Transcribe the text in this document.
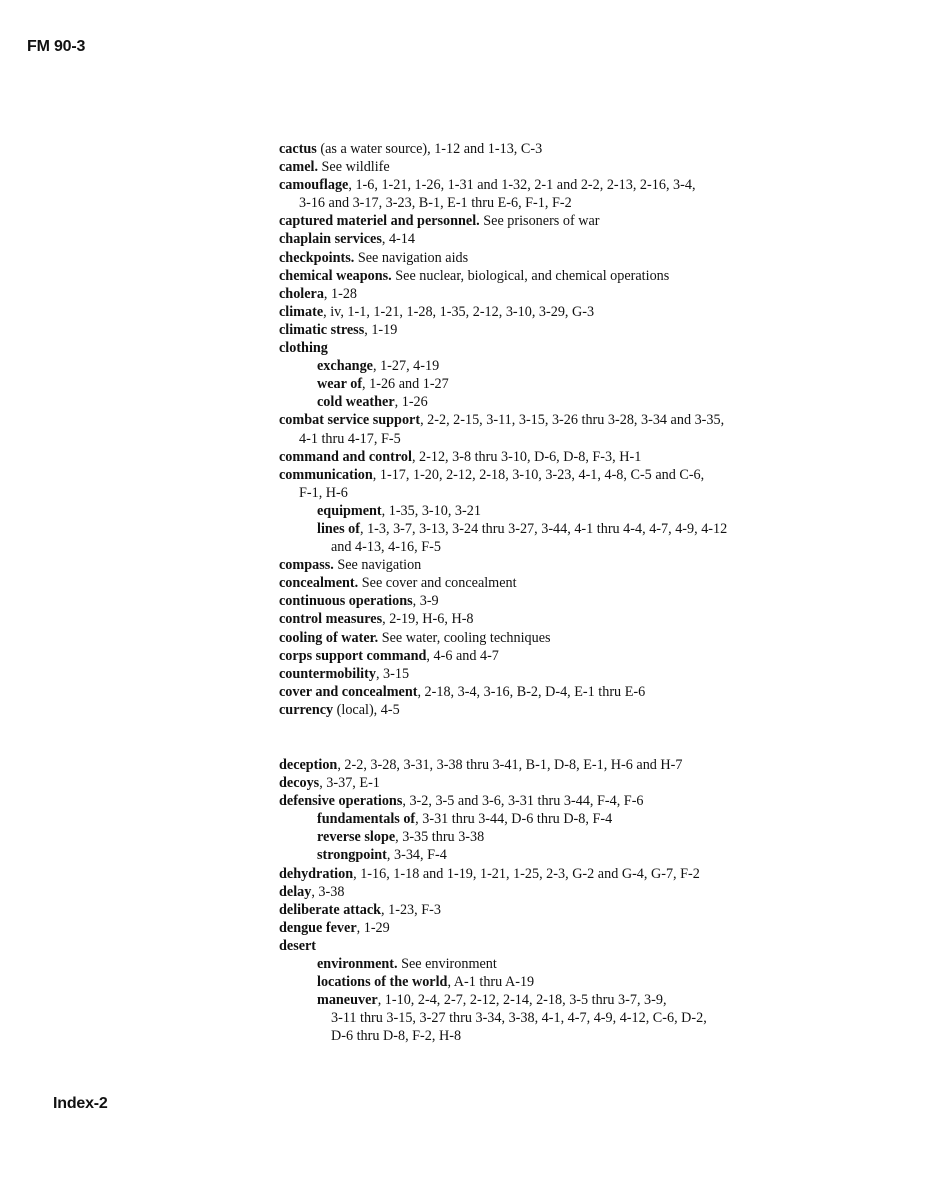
FM 90-3
cactus (as a water source), 1-12 and 1-13, C-3
camel. See wildlife
camouflage, 1-6, 1-21, 1-26, 1-31 and 1-32, 2-1 and 2-2, 2-13, 2-16, 3-4,
3-16 and 3-17, 3-23, B-1, E-1 thru E-6, F-1, F-2
captured materiel and personnel. See prisoners of war
chaplain services, 4-14
checkpoints. See navigation aids
chemical weapons. See nuclear, biological, and chemical operations
cholera, 1-28
climate, iv, 1-1, 1-21, 1-28, 1-35, 2-12, 3-10, 3-29, G-3
climatic stress, 1-19
clothing
exchange, 1-27, 4-19
wear of, 1-26 and 1-27
cold weather, 1-26
combat service support, 2-2, 2-15, 3-11, 3-15, 3-26 thru 3-28, 3-34 and 3-35,
4-1 thru 4-17, F-5
command and control, 2-12, 3-8 thru 3-10, D-6, D-8, F-3, H-1
communication, 1-17, 1-20, 2-12, 2-18, 3-10, 3-23, 4-1, 4-8, C-5 and C-6,
F-1, H-6
equipment, 1-35, 3-10, 3-21
lines of, 1-3, 3-7, 3-13, 3-24 thru 3-27, 3-44, 4-1 thru 4-4, 4-7, 4-9, 4-12
and 4-13, 4-16, F-5
compass. See navigation
concealment. See cover and concealment
continuous operations, 3-9
control measures, 2-19, H-6, H-8
cooling of water. See water, cooling techniques
corps support command, 4-6 and 4-7
countermobility, 3-15
cover and concealment, 2-18, 3-4, 3-16, B-2, D-4, E-1 thru E-6
currency (local), 4-5
deception, 2-2, 3-28, 3-31, 3-38 thru 3-41, B-1, D-8, E-1, H-6 and H-7
decoys, 3-37, E-1
defensive operations, 3-2, 3-5 and 3-6, 3-31 thru 3-44, F-4, F-6
fundamentals of, 3-31 thru 3-44, D-6 thru D-8, F-4
reverse slope, 3-35 thru 3-38
strongpoint, 3-34, F-4
dehydration, 1-16, 1-18 and 1-19, 1-21, 1-25, 2-3, G-2 and G-4, G-7, F-2
delay, 3-38
deliberate attack, 1-23, F-3
dengue fever, 1-29
desert
environment. See environment
locations of the world, A-1 thru A-19
maneuver, 1-10, 2-4, 2-7, 2-12, 2-14, 2-18, 3-5 thru 3-7, 3-9,
3-11 thru 3-15, 3-27 thru 3-34, 3-38, 4-1, 4-7, 4-9, 4-12, C-6, D-2,
D-6 thru D-8, F-2, H-8
Index-2
